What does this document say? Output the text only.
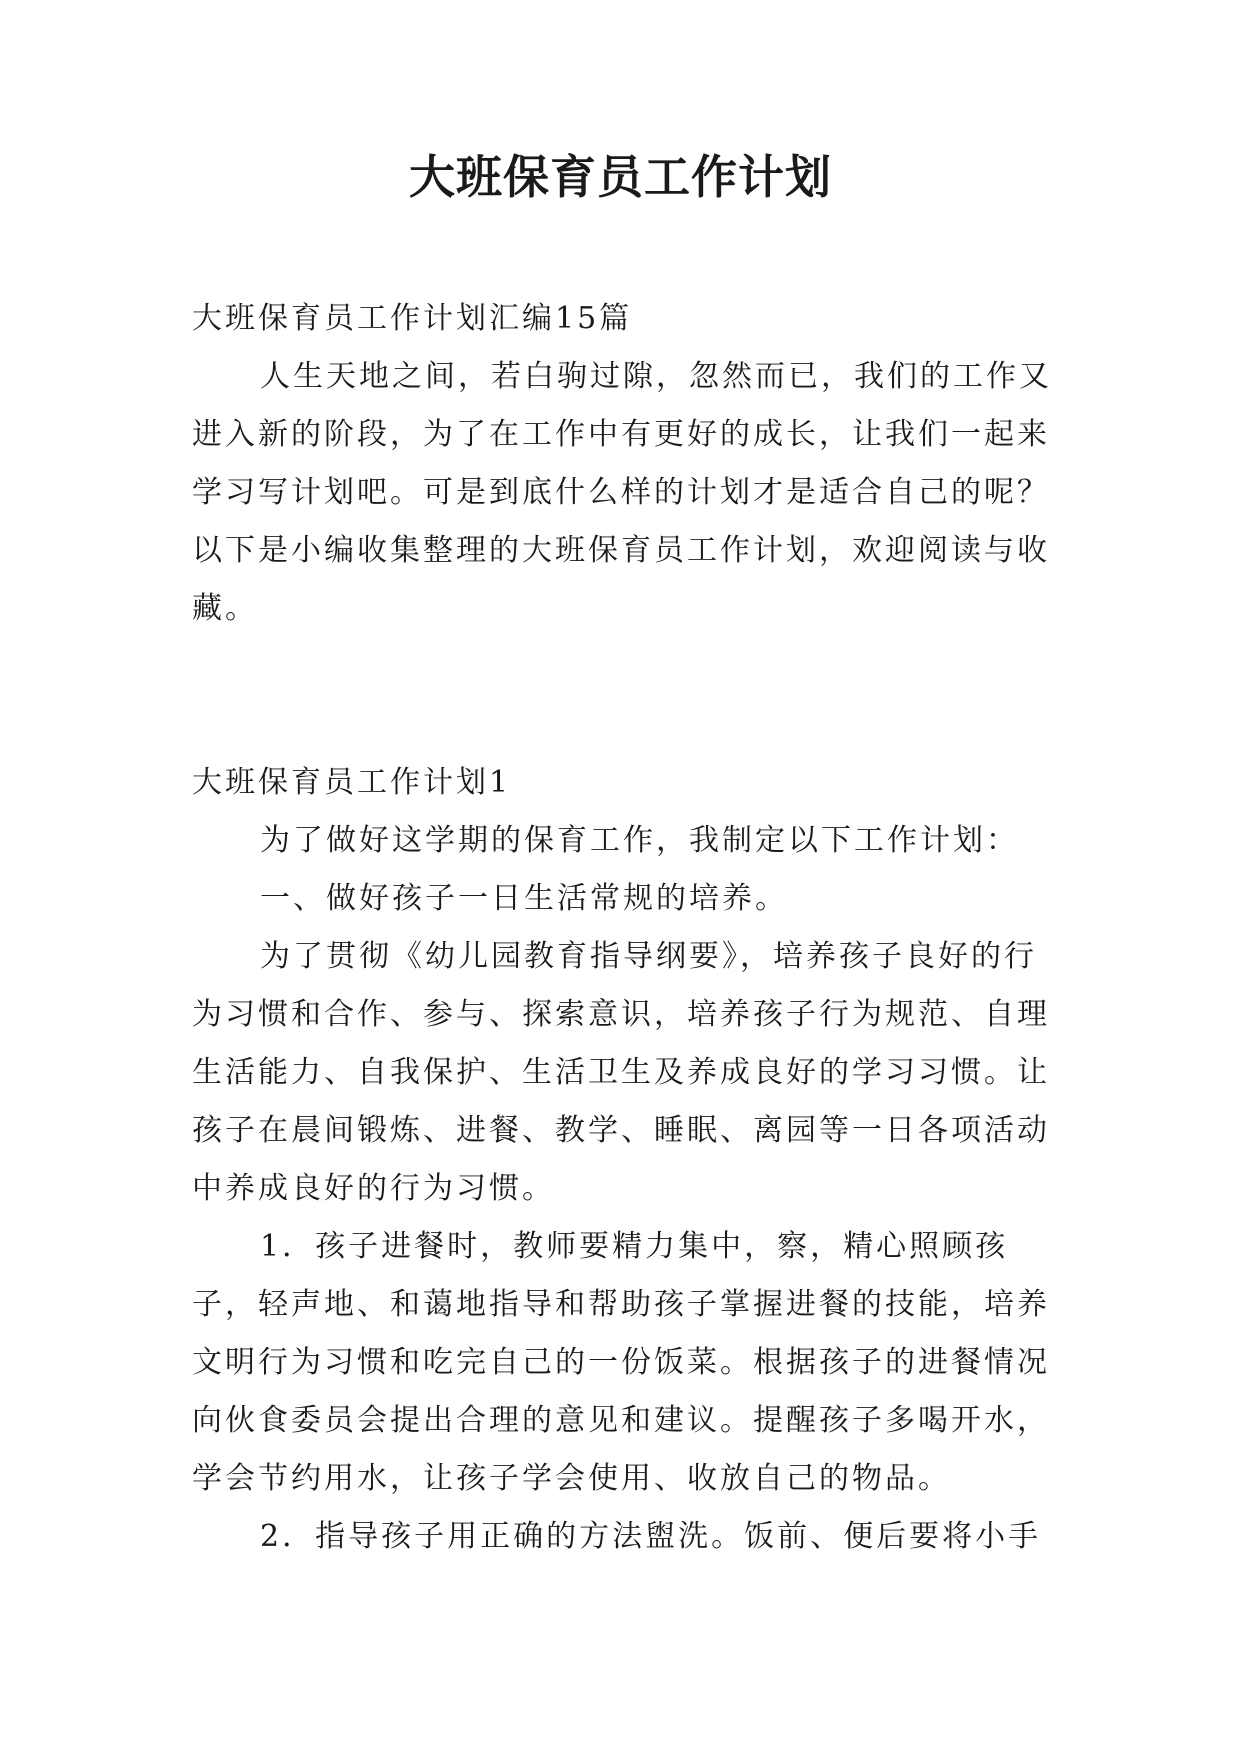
大班保育员工作计划

大班保育员工作计划汇编15篇

人生天地之间，若白驹过隙，忽然而已，我们的工作又进入新的阶段，为了在工作中有更好的成长，让我们一起来学习写计划吧。可是到底什么样的计划才是适合自己的呢？以下是小编收集整理的大班保育员工作计划，欢迎阅读与收藏。

大班保育员工作计划1

为了做好这学期的保育工作，我制定以下工作计划：

一、做好孩子一日生活常规的培养。

为了贯彻《幼儿园教育指导纲要》，培养孩子良好的行为习惯和合作、参与、探索意识，培养孩子行为规范、自理生活能力、自我保护、生活卫生及养成良好的学习习惯。让孩子在晨间锻炼、进餐、教学、睡眠、离园等一日各项活动中养成良好的行为习惯。

1．孩子进餐时，教师要精力集中，察，精心照顾孩子，轻声地、和蔼地指导和帮助孩子掌握进餐的技能，培养文明行为习惯和吃完自己的一份饭菜。根据孩子的进餐情况向伙食委员会提出合理的意见和建议。提醒孩子多喝开水，学会节约用水，让孩子学会使用、收放自己的物品。

2．指导孩子用正确的方法盥洗。饭前、便后要将小手
